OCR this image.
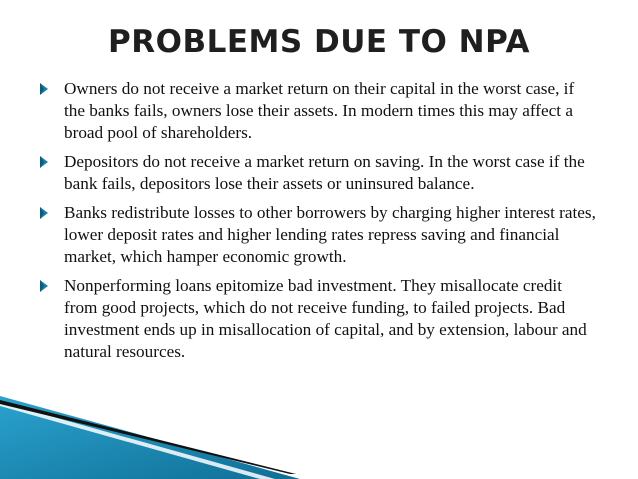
PROBLEMS DUE TO NPA
Owners do not receive a market return on their capital in the worst case, if the banks fails, owners lose their assets. In modern times this may affect a broad pool of shareholders.
Depositors do not receive a market return on saving. In the worst case if the bank fails, depositors lose their assets or uninsured balance.
Banks redistribute losses to other borrowers by charging higher interest rates, lower deposit rates and higher lending rates repress saving and financial market, which hamper economic growth.
Nonperforming loans epitomize bad investment. They misallocate credit from good projects, which do not receive funding, to failed projects. Bad investment ends up in misallocation of capital, and by extension, labour and natural resources.
